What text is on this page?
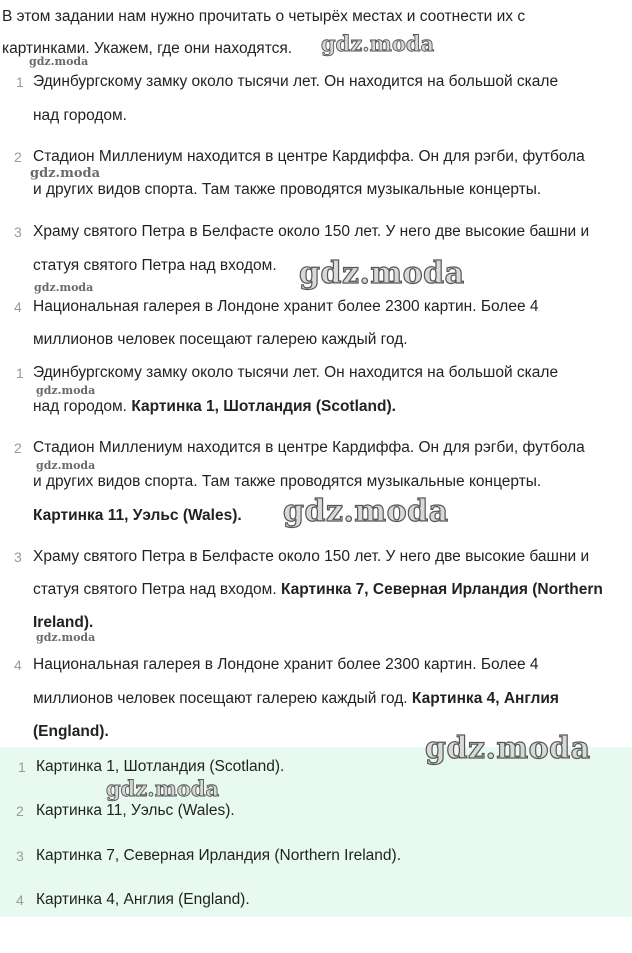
В этом задании нам нужно прочитать о четырёх местах и соотнести их с
картинками. Укажем, где они находятся.
1 Эдинбургскому замку около тысячи лет. Он находится на большой скале
над городом.
2 Стадион Миллениум находится в центре Кардиффа. Он для рэгби, футбола
и других видов спорта. Там также проводятся музыкальные концерты.
3 Храму святого Петра в Белфасте около 150 лет. У него две высокие башни и
статуя святого Петра над входом.
4 Национальная галерея в Лондоне хранит более 2300 картин. Более 4
миллионов человек посещают галерею каждый год.
1 Эдинбургскому замку около тысячи лет. Он находится на большой скале
над городом. Картинка 1, Шотландия (Scotland).
2 Стадион Миллениум находится в центре Кардиффа. Он для рэгби, футбола
и других видов спорта. Там также проводятся музыкальные концерты.
Картинка 11, Уэльс (Wales).
3 Храму святого Петра в Белфасте около 150 лет. У него две высокие башни и
статуя святого Петра над входом. Картинка 7, Северная Ирландия (Northern
Ireland).
4 Национальная галерея в Лондоне хранит более 2300 картин. Более 4
миллионов человек посещают галерею каждый год. Картинка 4, Англия
(England).
1 Картинка 1, Шотландия (Scotland).
2 Картинка 11, Уэльс (Wales).
3 Картинка 7, Северная Ирландия (Northern Ireland).
4 Картинка 4, Англия (England).
gdz.moda
gdz.moda
gdz.moda
gdz.moda
gdz.moda
gdz.moda
gdz.moda
gdz.moda
gdz.moda
gdz.moda
gdz.moda
